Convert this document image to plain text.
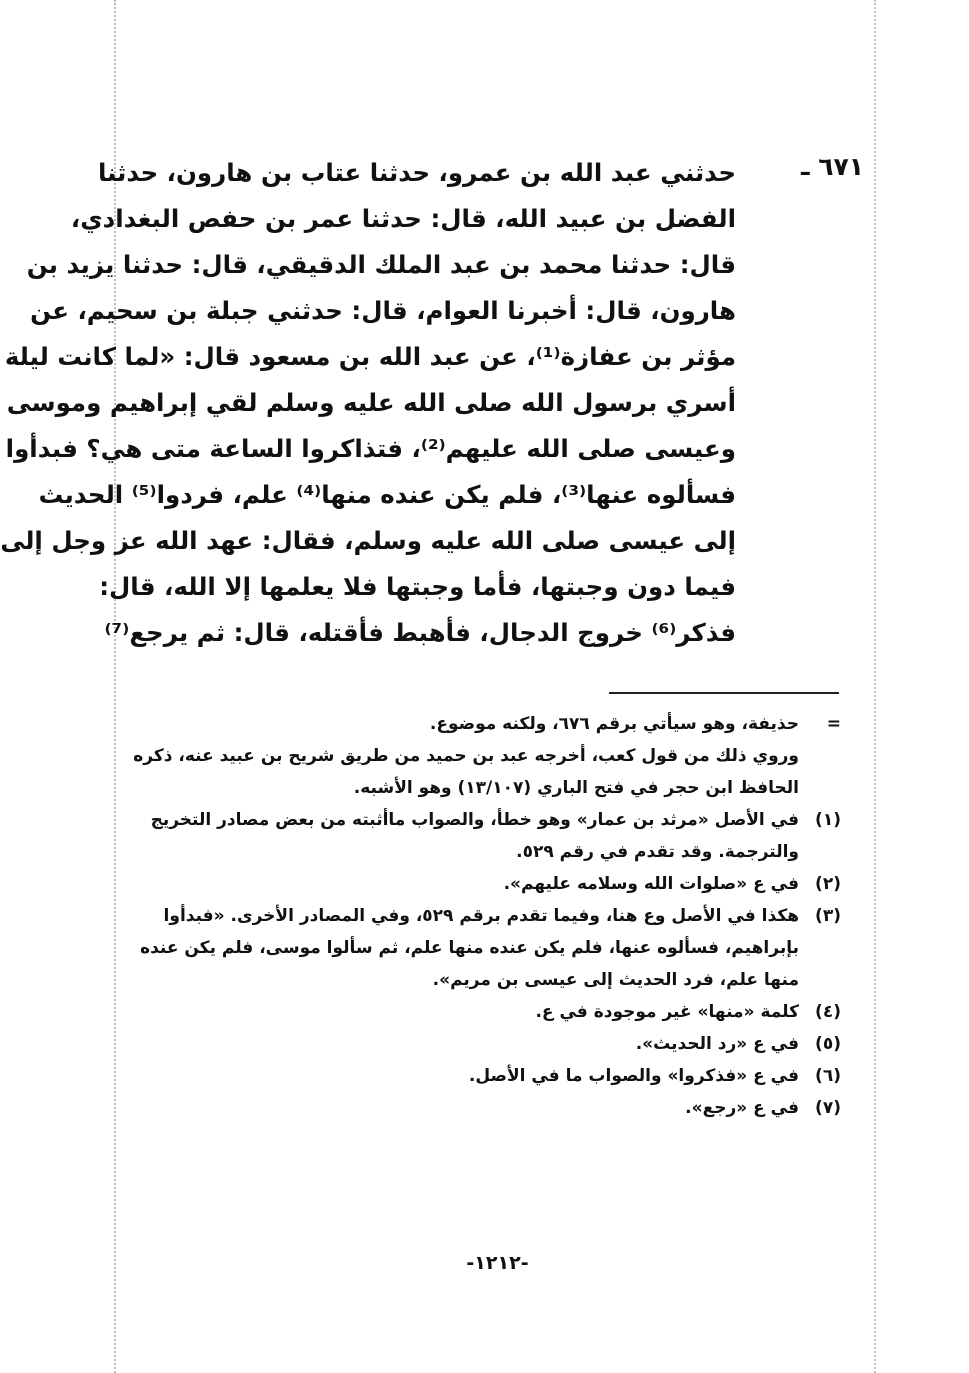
٦٧١ ـ
حدثني عبد الله بن عمرو، حدثنا عتاب بن هارون، حدثنا
الفضل بن عبيد الله، قال: حدثنا عمر بن حفص البغدادي،
قال: حدثنا محمد بن عبد الملك الدقيقي، قال: حدثنا يزيد بن
هارون، قال: أخبرنا العوام، قال: حدثني جبلة بن سحيم، عن
مؤثر بن عفازة⁽¹⁾، عن عبد الله بن مسعود قال: «لما كانت ليلة
أسري برسول الله صلى الله عليه وسلم لقي إبراهيم وموسى
وعيسى صلى الله عليهم⁽²⁾، فتذاكروا الساعة متى هي؟ فبدأوا
فسألوه عنها⁽³⁾، فلم يكن عنده منها⁽⁴⁾ علم، فردوا⁽⁵⁾ الحديث
إلى عيسى صلى الله عليه وسلم، فقال: عهد الله عز وجل إلى
فيما دون وجبتها، فأما وجبتها فلا يعلمها إلا الله، قال:
فذكر⁽⁶⁾ خروج الدجال، فأهبط فأقتله، قال: ثم يرجع⁽⁷⁾
=
حذيفة، وهو سيأتي برقم ٦٧٦، ولكنه موضوع.
وروي ذلك من قول كعب، أخرجه عبد بن حميد من طريق شريح بن عبيد عنه، ذكره
الحافظ ابن حجر في فتح الباري (١٣/١٠٧) وهو الأشبه.
(١)
في الأصل «مرثد بن عمار» وهو خطأ، والصواب ماأثبته من بعض مصادر التخريج
والترجمة. وقد تقدم في رقم ٥٢٩.
(٢)
في ع «صلوات الله وسلامه عليهم».
(٣)
هكذا في الأصل وع هنا، وفيما تقدم برقم ٥٢٩، وفي المصادر الأخرى. «فبدأوا
بإبراهيم، فسألوه عنها، فلم يكن عنده منها علم، ثم سألوا موسى، فلم يكن عنده
منها علم، فرد الحديث إلى عيسى بن مريم».
(٤)
كلمة «منها» غير موجودة في ع.
(٥)
في ع «رد الحديث».
(٦)
في ع «فذكروا» والصواب ما في الأصل.
(٧)
في ع «رجع».
-١٢١٢-
